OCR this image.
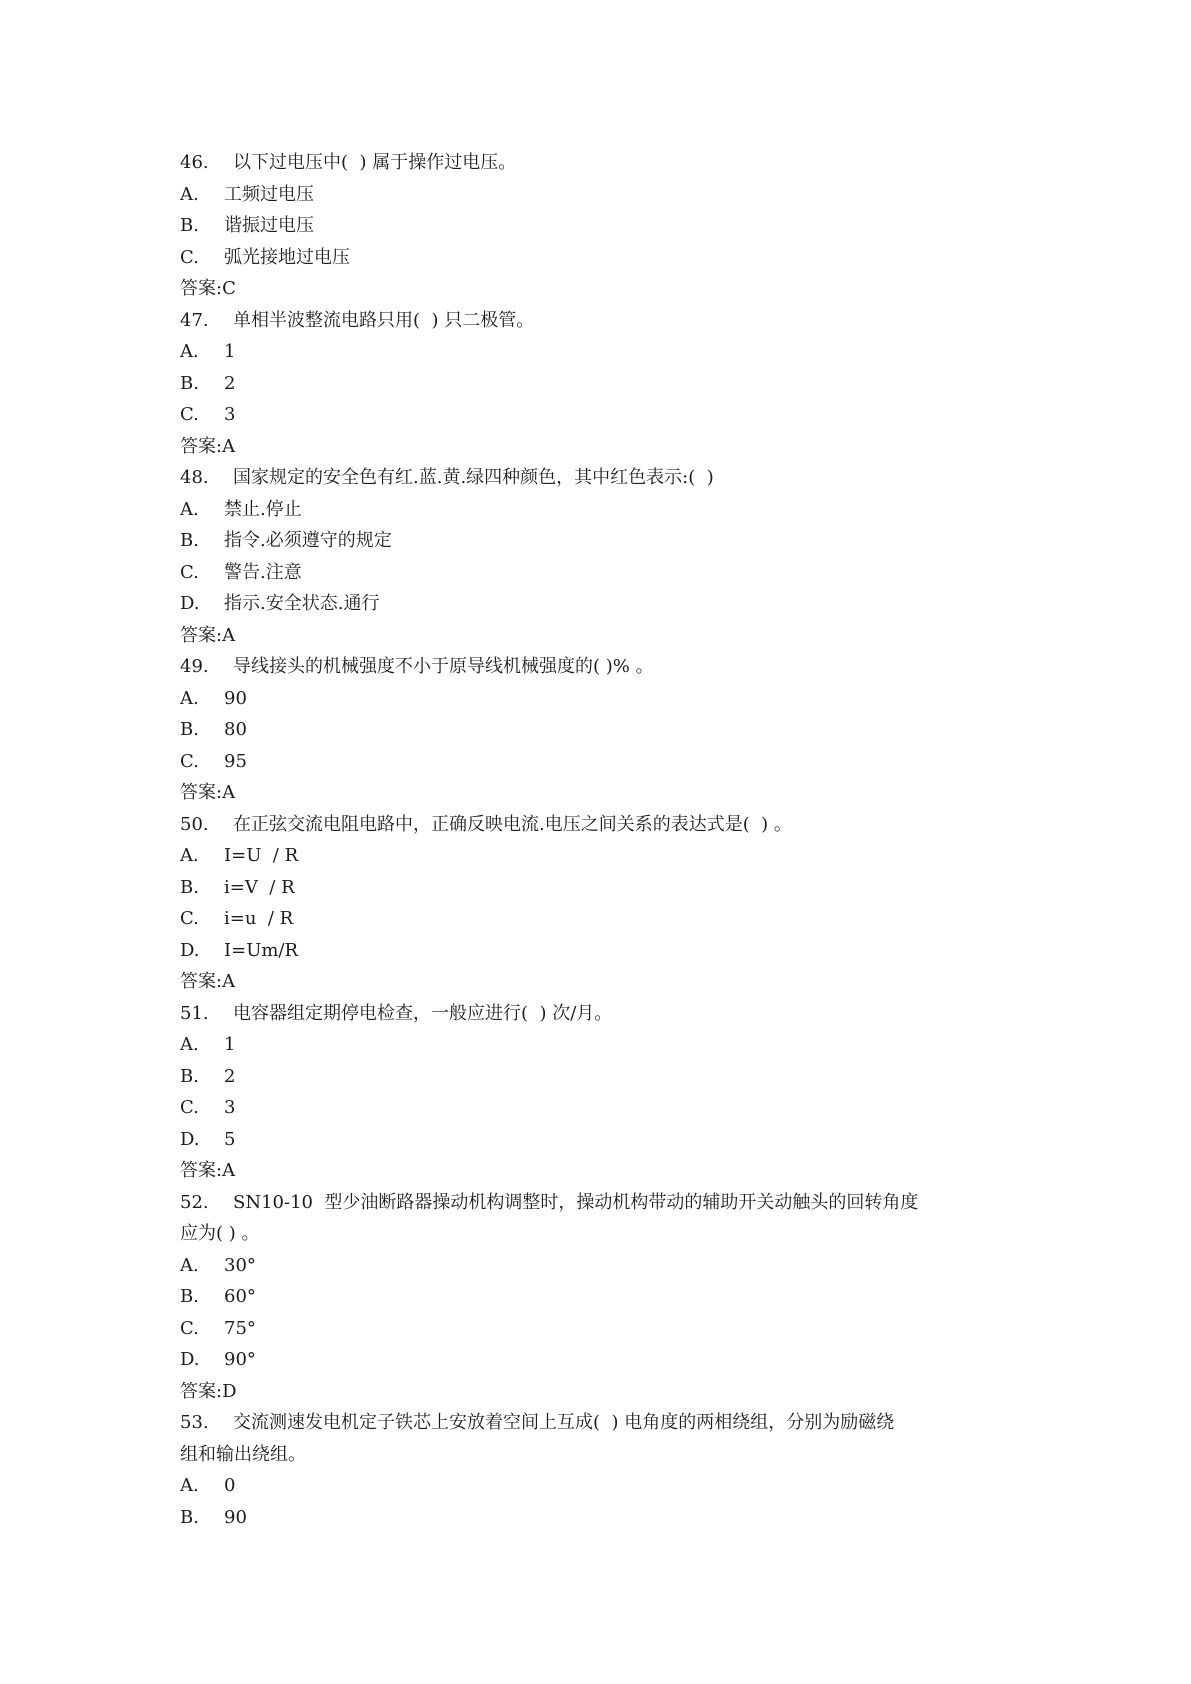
46. 以下过电压中(  ) 属于操作过电压。
A. 工频过电压
B. 谐振过电压
C. 弧光接地过电压
答案:C
47. 单相半波整流电路只用(  ) 只二极管。
A. 1
B. 2
C. 3
答案:A
48. 国家规定的安全色有红.蓝.黄.绿四种颜色，其中红色表示:(  )
A. 禁止.停止
B. 指令.必须遵守的规定
C. 警告.注意
D. 指示.安全状态.通行
答案:A
49. 导线接头的机械强度不小于原导线机械强度的( )% 。
A. 90
B. 80
C. 95
答案:A
50. 在正弦交流电阻电路中，正确反映电流.电压之间关系的表达式是(  ) 。
A. I=U  / R
B. i=V  / R
C. i=u  / R
D. I=Um/R
答案:A
51. 电容器组定期停电检查，一般应进行(  ) 次/月。
A. 1
B. 2
C. 3
D. 5
答案:A
52. SN10-10  型少油断路器操动机构调整时，操动机构带动的辅助开关动触头的回转角度
应为( ) 。
A. 30°
B. 60°
C. 75°
D. 90°
答案:D
53. 交流测速发电机定子铁芯上安放着空间上互成(  ) 电角度的两相绕组，分别为励磁绕
组和输出绕组。
A. 0
B. 90
